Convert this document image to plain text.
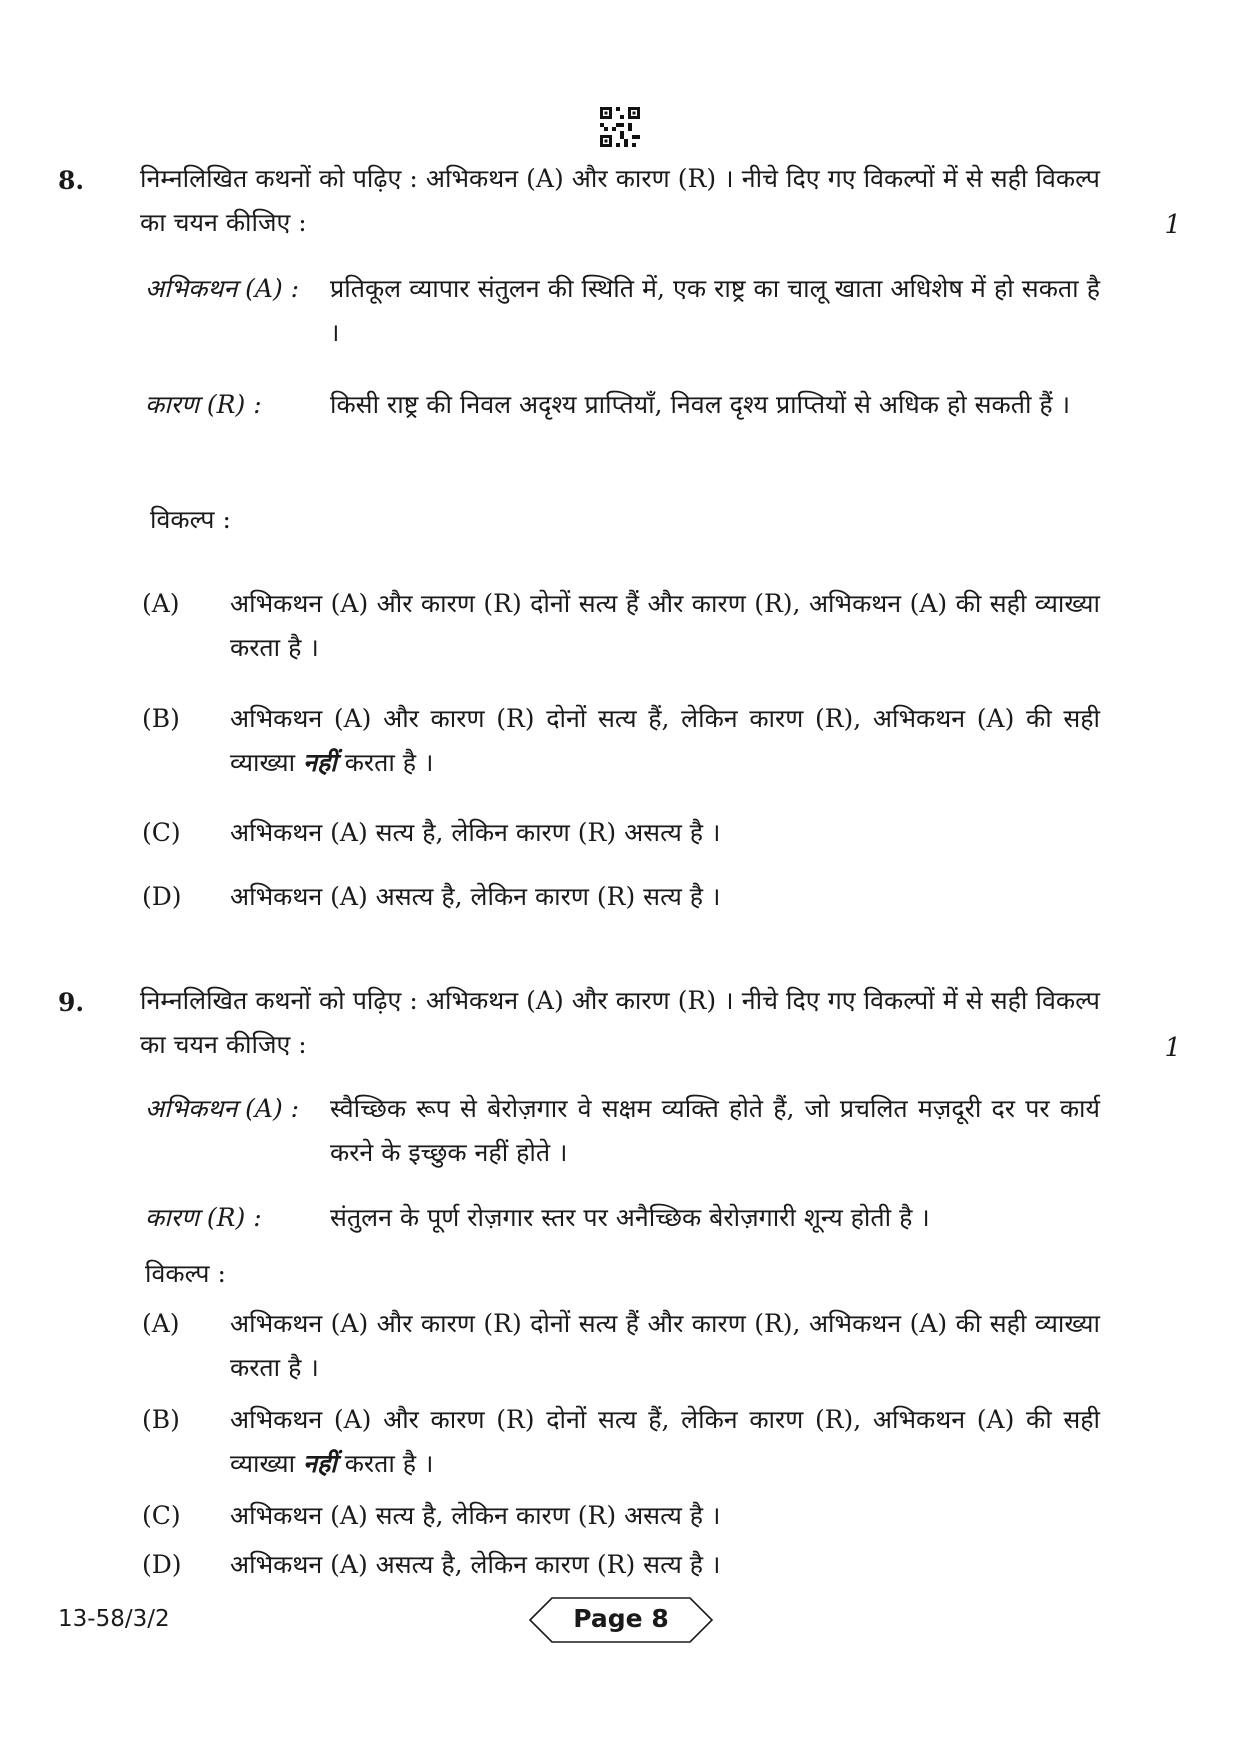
8. निम्नलिखित कथनों को पढ़िए : अभिकथन (A) और कारण (R) । नीचे दिए गए विकल्पों में से सही विकल्प का चयन कीजिए :	1
अभिकथन (A) : प्रतिकूल व्यापार संतुलन की स्थिति में, एक राष्ट्र का चालू खाता अधिशेष में हो सकता है ।
कारण (R) :	किसी राष्ट्र की निवल अदृश्य प्राप्तियाँ, निवल दृश्य प्राप्तियों से अधिक हो सकती हैं ।
विकल्प :
(A) अभिकथन (A) और कारण (R) दोनों सत्य हैं और कारण (R), अभिकथन (A) की सही व्याख्या करता है ।
(B) अभिकथन (A) और कारण (R) दोनों सत्य हैं, लेकिन कारण (R), अभिकथन (A) की सही व्याख्या नहीं करता है ।
(C) अभिकथन (A) सत्य है, लेकिन कारण (R) असत्य है ।
(D) अभिकथन (A) असत्य है, लेकिन कारण (R) सत्य है ।
9. निम्नलिखित कथनों को पढ़िए : अभिकथन (A) और कारण (R) । नीचे दिए गए विकल्पों में से सही विकल्प का चयन कीजिए :	1
अभिकथन (A) : स्वैच्छिक रूप से बेरोज़गार वे सक्षम व्यक्ति होते हैं, जो प्रचलित मज़दूरी दर पर कार्य करने के इच्छुक नहीं होते ।
कारण (R) :	संतुलन के पूर्ण रोज़गार स्तर पर अनैच्छिक बेरोज़गारी शून्य होती है ।
विकल्प :
(A) अभिकथन (A) और कारण (R) दोनों सत्य हैं और कारण (R), अभिकथन (A) की सही व्याख्या करता है ।
(B) अभिकथन (A) और कारण (R) दोनों सत्य हैं, लेकिन कारण (R), अभिकथन (A) की सही व्याख्या नहीं करता है ।
(C) अभिकथन (A) सत्य है, लेकिन कारण (R) असत्य है ।
(D) अभिकथन (A) असत्य है, लेकिन कारण (R) सत्य है ।
13-58/3/2	Page 8
